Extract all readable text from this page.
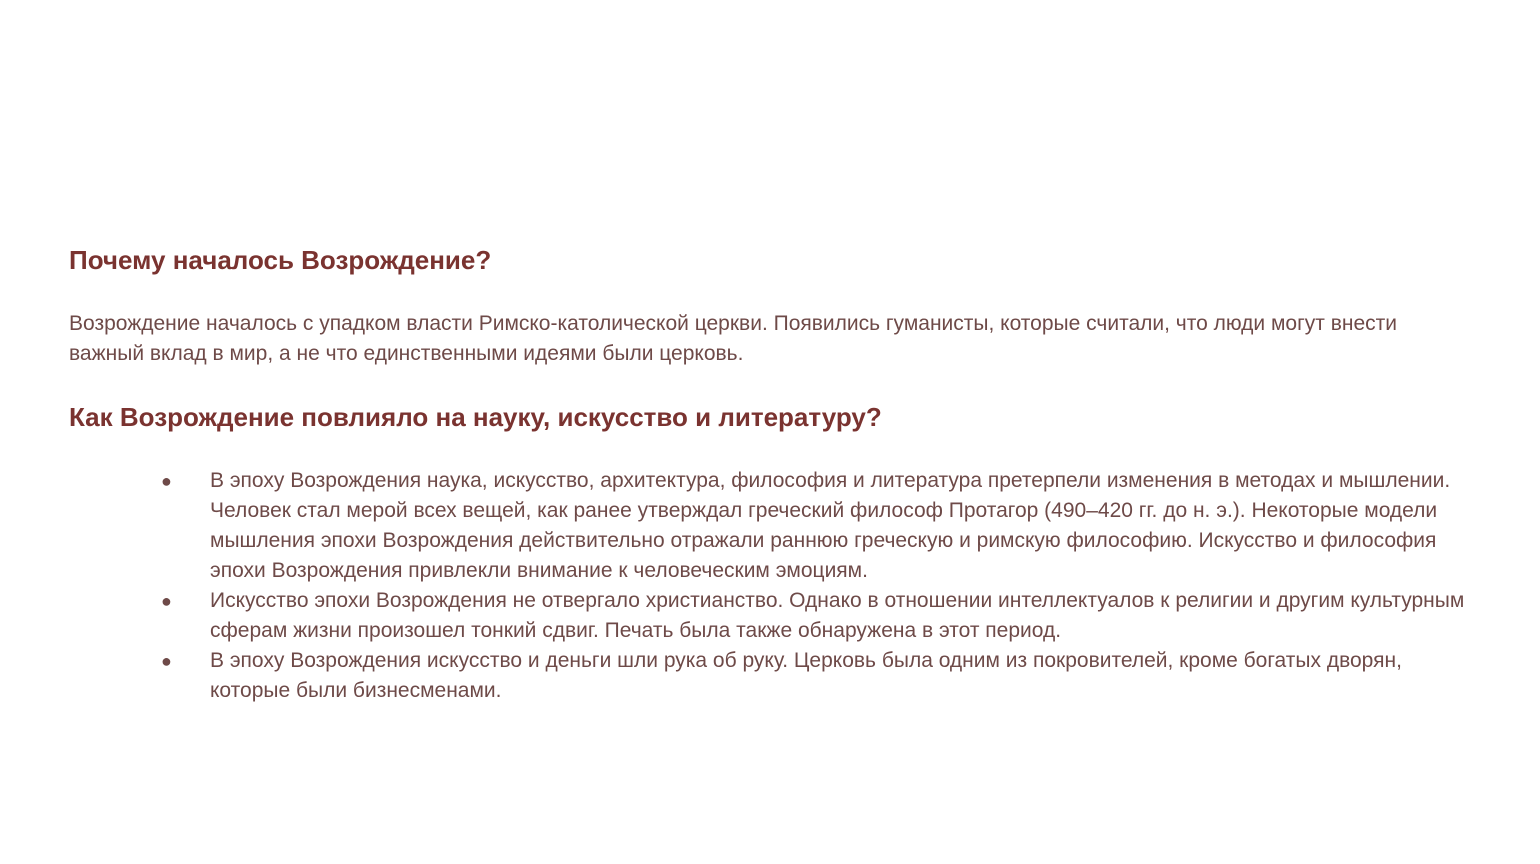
Почему началось Возрождение?

Возрождение началось с упадком власти Римско-католической церкви. Появились гуманисты, которые считали, что люди могут внести важный вклад в мир, а не что единственными идеями были церковь.

Как Возрождение повлияло на науку, искусство и литературу?
● В эпоху Возрождения наука, искусство, архитектура, философия и литература претерпели изменения в методах и мышлении. Человек стал мерой всех вещей, как ранее утверждал греческий философ Протагор (490–420 гг. до н. э.). Некоторые модели мышления эпохи Возрождения действительно отражали раннюю греческую и римскую философию. Искусство и философия эпохи Возрождения привлекли внимание к человеческим эмоциям.
● Искусство эпохи Возрождения не отвергало христианство. Однако в отношении интеллектуалов к религии и другим культурным сферам жизни произошел тонкий сдвиг. Печать была также обнаружена в этот период.
● В эпоху Возрождения искусство и деньги шли рука об руку. Церковь была одним из покровителей, кроме богатых дворян, которые были бизнесменами.
